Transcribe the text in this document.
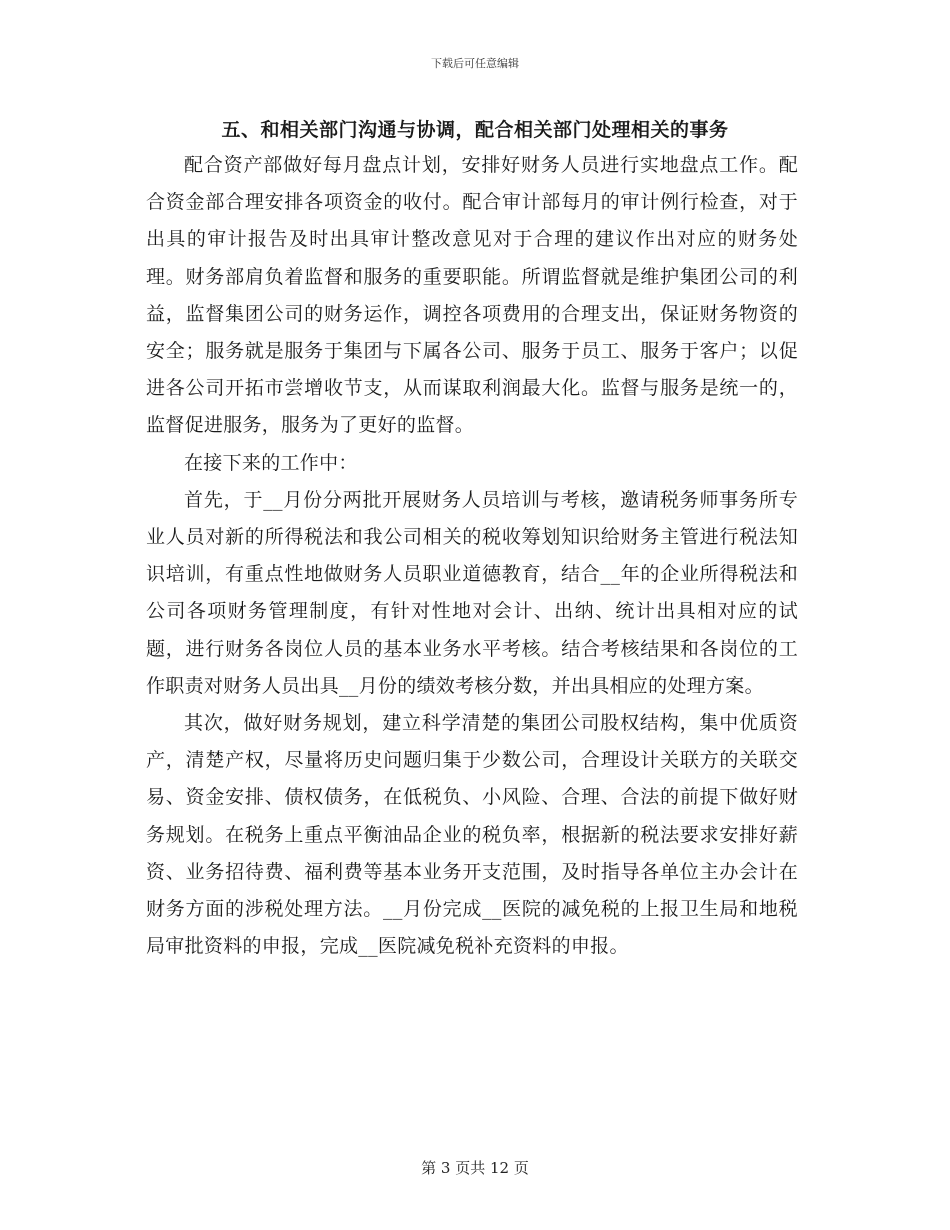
下载后可任意编辑
五、和相关部门沟通与协调，配合相关部门处理相关的事务

配合资产部做好每月盘点计划，安排好财务人员进行实地盘点工作。配合资金部合理安排各项资金的收付。配合审计部每月的审计例行检查，对于出具的审计报告及时出具审计整改意见对于合理的建议作出对应的财务处理。财务部肩负着监督和服务的重要职能。所谓监督就是维护集团公司的利益，监督集团公司的财务运作，调控各项费用的合理支出，保证财务物资的安全；服务就是服务于集团与下属各公司、服务于员工、服务于客户；以促进各公司开拓市尝增收节支，从而谋取利润最大化。监督与服务是统一的，监督促进服务，服务为了更好的监督。

在接下来的工作中：

首先，于__月份分两批开展财务人员培训与考核，邀请税务师事务所专业人员对新的所得税法和我公司相关的税收筹划知识给财务主管进行税法知识培训，有重点性地做财务人员职业道德教育，结合__年的企业所得税法和公司各项财务管理制度，有针对性地对会计、出纳、统计出具相对应的试题，进行财务各岗位人员的基本业务水平考核。结合考核结果和各岗位的工作职责对财务人员出具__月份的绩效考核分数，并出具相应的处理方案。

其次，做好财务规划，建立科学清楚的集团公司股权结构，集中优质资产，清楚产权，尽量将历史问题归集于少数公司，合理设计关联方的关联交易、资金安排、债权债务，在低税负、小风险、合理、合法的前提下做好财务规划。在税务上重点平衡油品企业的税负率，根据新的税法要求安排好薪资、业务招待费、福利费等基本业务开支范围，及时指导各单位主办会计在财务方面的涉税处理方法。__月份完成__医院的减免税的上报卫生局和地税局审批资料的申报，完成__医院减免税补充资料的申报。

第 3 页共 12 页
